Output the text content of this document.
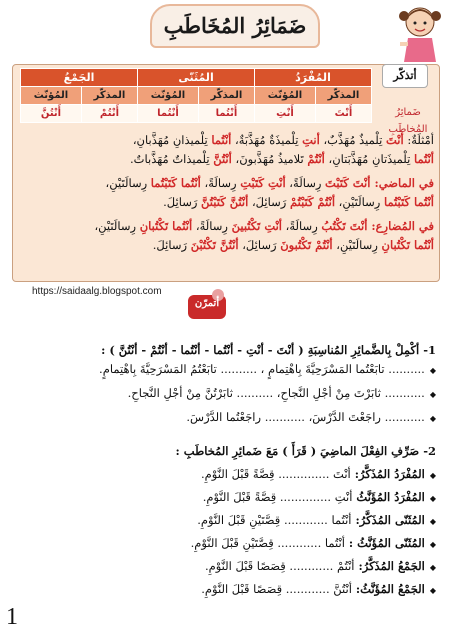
ضَمَائِرُ المُخَاطَبِ
أتذكّر
المُفْرَدُ		المُثَنّى		الجَمْعُ	
المذكّر	المُؤنّث	المذكّر	المُؤنّث	المذكّر	المُؤنّث
أَنْتَ	أَنْتِ	أَنْتُما	أَنْتُما	أَنْتُمْ	أَنْتُنَّ	ضَمائِرُ المُخاطَبِ
أمْثلَةٌ: أنْتَ تِلْميذٌ مُهَذَّبٌ، أنتِ تِلْميذَةٌ مُهَذَّبَةٌ، أنْتُما تِلْميذانِ مُهَذَّبانِ،
أنْتُما تِلْميذَتانِ مُهَذَّبَتانِ، أنْتُمْ تَلاميذُ مُهَذَّبونَ، أنْتُنَّ تِلْميذاتٌ مُهَذَّباتٌ.
في الماضي: أنْتَ كَتَبْتَ رِسالَةً، أنْتِ كَتَبْتِ رِسالَةً، أنْتُما كَتَبْتُما رِسالَتَيْنِ،
أنْتُما كَتَبْتُما رِسالَتَيْنِ، أنْتُمْ كَتَبْتُمْ رَسائِلَ، أنْتُنَّ كَتَبْتُنَّ رَسائِلَ.
في المُضارِع: أنْتَ تَكْتُبُ رِسالَةً، أنْتِ تَكْتُبينَ رِسالَةً، أنْتُما تَكْتُبانِ رِسالَتَيْنِ،
أنْتُما تَكْتُبانِ رِسالَتَيْنِ، أنْتُمْ تَكْتُبونَ رَسائِلَ، أنْتُنَّ تَكْتُبْنَ رَسائِلَ.
https://saidaalg.blogspot.com
أتمرّن
1- أكْمِلْ بِالضَّمائِرِ المُناسِبَةِ ( أنْتَ - أنْتِ - أنْتُما - أنْتُما - أنْتُمْ - أنْتُنَّ ) :
◆ .......... تابَعْتُما المَسْرَحِيَّةَ بِاهْتِمامٍ ، .......... تابَعْتُمُ المَسْرَحِيَّةَ بِاهْتِمامٍ.
◆ ........... ثابَرْتَ مِنْ أجْلِ النَّجاحِ، .......... ثابَرْتُنَّ مِنْ أجْلِ النَّجاحِ.
◆ ........... راجَعْتَ الدَّرْسَ، ........... راجَعْتُما الدَّرْسَ.
2- صَرِّفِ الفِعْلَ الماضِيَ ( قَرَأَ ) مَعَ ضَمائِرِ المُخاطَبِ :
◆ المُفْرَدُ المُذَكَّرُ: أنْتَ .............. قِصَّةً قَبْلَ النَّوْمِ.
◆ المُفْرَدُ المُؤَنَّثُ أنْتِ .............. قِصَّةً قَبْلَ النَّوْمِ.
◆ المُثَنّى المُذَكَّرُ: أنْتُما ............ قِصَّتَيْنِ قَبْلَ النَّوْمِ.
◆ المُثَنّى المُؤَنَّثُ : أنْتُما ............ قِصَّتَيْنِ قَبْلَ النَّوْمِ.
◆ الجَمْعُ المُذَكَّرُ: أنْتُمْ ............ قِصَصًا قَبْلَ النَّوْمِ.
◆ الجَمْعُ المُؤَنَّثُ: أنْتُنَّ ............ قِصَصًا قَبْلَ النَّوْمِ.
1
